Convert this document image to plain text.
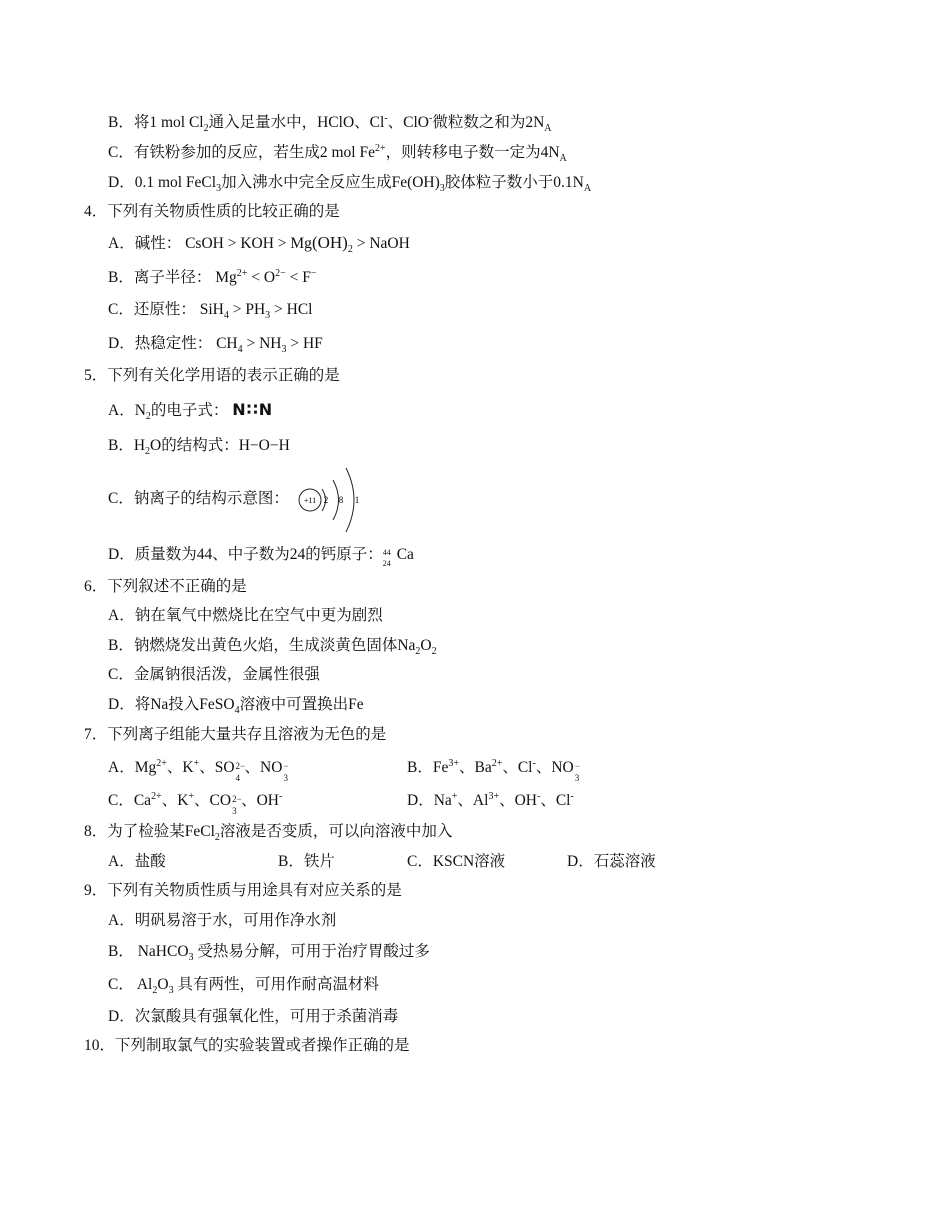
B．将1 mol $Cl_2$通入足量水中，HClO、Cl-、ClO-微粒数之和为$2N_A$
C．有铁粉参加的反应，若生成2 mol $Fe^{2+}$，则转移电子数一定为$4N_A$
D．0.1 mol FeCl$_3$加入沸水中完全反应生成$Fe(OH)_3$胶体粒子数小于$0.1N_A$
4．下列有关物质性质的比较正确的是
A．碱性： CsOH > KOH > $Mg(OH)_2$ > NaOH
B．离子半径： $Mg^{2+} < O^{2-} < F^-$
C．还原性： $SiH_4 > PH_3$ > HCl
D．热稳定性： $CH_4 > NH_3$ > HF
5．下列有关化学用语的表示正确的是
A．$N_2$的电子式： N∷N
B．$H_2O$的结构式：H−O−H
C．钠离子的结构示意图： +11 2 8 1
D．质量数为44、中子数为24的钙原子： 44
24
Ca
6．下列叙述不正确的是
A．钠在氧气中燃烧比在空气中更为剧烈
B．钠燃烧发出黄色火焰，生成淡黄色固体$Na_2O_2$
C．金属钠很活泼，金属性很强
D．将Na投入FeSO$_4$溶液中可置换出Fe
7．下列离子组能大量共存且溶液为无色的是
A．$Mg^{2+}$、K+、SO 2−
4
、NO −
3
B．$Fe^{3+}$、$Ba^{2+}$、Cl-、NO −
3
C．$Ca^{2+}$、K+、CO 2−
3
、OH-	D．Na+、$Al^{3+}$、OH-、Cl-
8．为了检验某FeCl$_2$溶液是否变质，可以向溶液中加入
A．盐酸	B．铁片	C．KSCN溶液	D．石蕊溶液
9．下列有关物质性质与用途具有对应关系的是
A．明矾易溶于水，可用作净水剂
B． NaHCO$_3$ 受热易分解，可用于治疗胃酸过多
C． $Al_2O_3$ 具有两性，可用作耐高温材料
D．次氯酸具有强氧化性，可用于杀菌消毒
10．下列制取氯气的实验装置或者操作正确的是
